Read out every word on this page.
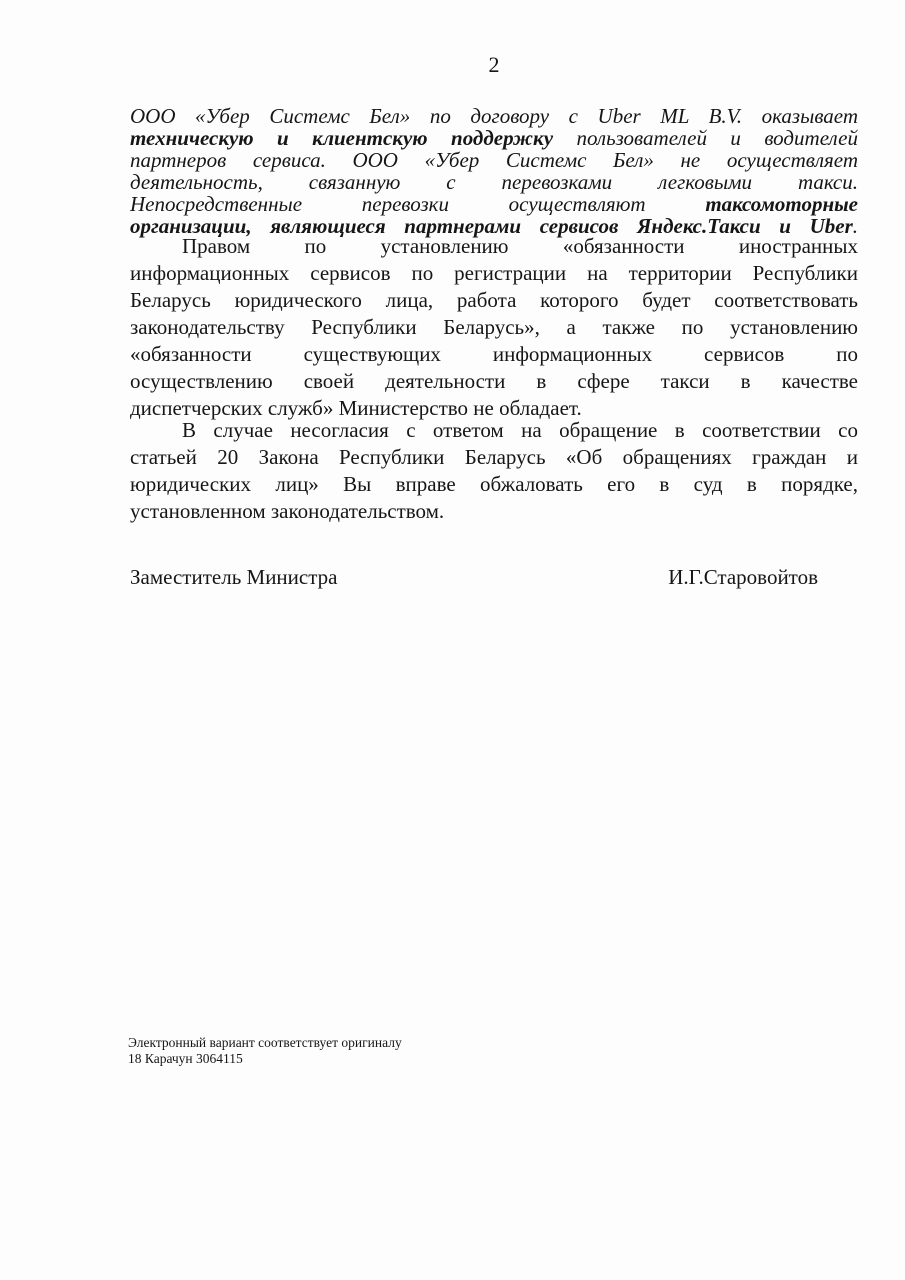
2
ООО «Убер Системс Бел» по договору с Uber ML B.V. оказывает
техническую и клиентскую поддержку пользователей и водителей
партнеров сервиса. ООО «Убер Системс Бел» не осуществляет
деятельность, связанную с перевозками легковыми такси.
Непосредственные перевозки осуществляют таксомоторные
организации, являющиеся партнерами сервисов Яндекс.Такси и Uber.
Правом по установлению «обязанности иностранных
информационных сервисов по регистрации на территории Республики
Беларусь юридического лица, работа которого будет соответствовать
законодательству Республики Беларусь», а также по установлению
«обязанности существующих информационных сервисов по
осуществлению своей деятельности в сфере такси в качестве
диспетчерских служб» Министерство не обладает.
В случае несогласия с ответом на обращение в соответствии со
статьей 20 Закона Республики Беларусь «Об обращениях граждан и
юридических лиц» Вы вправе обжаловать его в суд в порядке,
установленном законодательством.
Заместитель Министра	И.Г.Старовойтов
Электронный вариант соответствует оригиналу
18 Карачун 3064115
